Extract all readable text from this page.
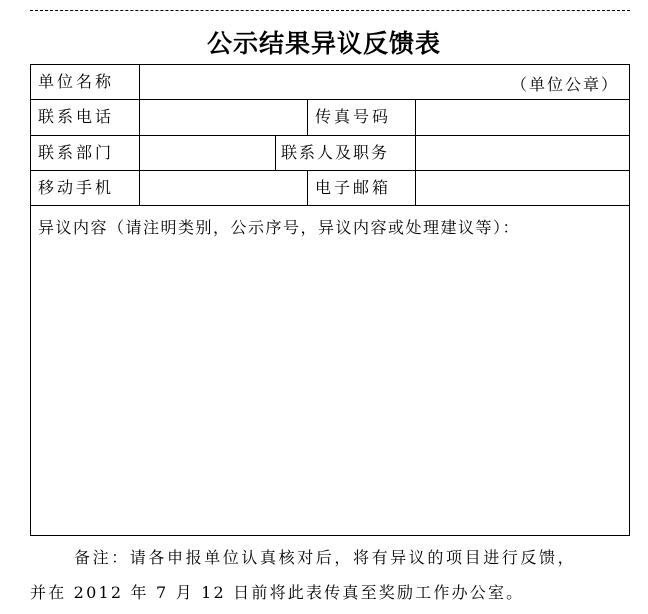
公示结果异议反馈表
单位名称	（单位公章）
联系电话	传真号码
联系部门	联系人及职务
移动手机	电子邮箱
异议内容（请注明类别，公示序号，异议内容或处理建议等）：
备注：请各申报单位认真核对后，将有异议的项目进行反馈，
并在 2012 年 7 月 12 日前将此表传真至奖励工作办公室。
